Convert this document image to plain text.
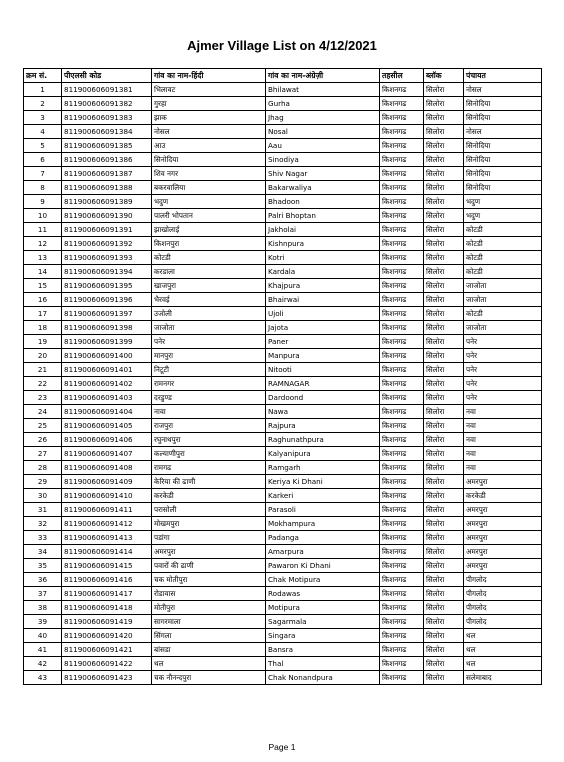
Ajmer Village List on 4/12/2021
क्रम सं.	पीएलसी कोड	गांव का नाम-हिंदी	गांव का नाम-अंग्रेज़ी	तहसील	ब्लॉक	पंचायत
1	811900606091381	भिलावट	Bhilawat	किशनगढ	सिलोरा	नोसल
2	811900606091382	गुरहा	Gurha	किशनगढ	सिलोरा	सिनोदिया
3	811900606091383	झाक	Jhag	किशनगढ	सिलोरा	सिनोदिया
4	811900606091384	नोसल	Nosal	किशनगढ	सिलोरा	नोसल
5	811900606091385	आउ	Aau	किशनगढ	सिलोरा	सिनोदिया
6	811900606091386	सिनोदिया	Sinodiya	किशनगढ	सिलोरा	सिनोदिया
7	811900606091387	शिव नगर	Shiv Nagar	किशनगढ	सिलोरा	सिनोदिया
8	811900606091388	बकरवालिया	Bakarwaliya	किशनगढ	सिलोरा	सिनोदिया
9	811900606091389	भदुण	Bhadoon	किशनगढ	सिलोरा	भदुण
10	811900606091390	पालरी भोपतान	Palri Bhoptan	किशनगढ	सिलोरा	भदुण
11	811900606091391	झाखोलाई	Jakholai	किशनगढ	सिलोरा	कोटडी
12	811900606091392	किशनपुरा	Kishnpura	किशनगढ	सिलोरा	कोटडी
13	811900606091393	कोटडी	Kotri	किशनगढ	सिलोरा	कोटडी
14	811900606091394	करडाला	Kardala	किशनगढ	सिलोरा	कोटडी
15	811900606091395	खाजपुरा	Khajpura	किशनगढ	सिलोरा	जाजोता
16	811900606091396	भैरवई	Bhairwai	किशनगढ	सिलोरा	जाजोता
17	811900606091397	उजोली	Ujoli	किशनगढ	सिलोरा	कोटडी
18	811900606091398	जाजोता	Jajota	किशनगढ	सिलोरा	जाजोता
19	811900606091399	पनेर	Paner	किशनगढ	सिलोरा	पनेर
20	811900606091400	मानपुरा	Manpura	किशनगढ	सिलोरा	पनेर
21	811900606091401	निटूटी	Nitooti	किशनगढ	सिलोरा	पनेर
22	811900606091402	रामनगर	RAMNAGAR	किशनगढ	सिलोरा	पनेर
23	811900606091403	दरडुण्ड	Dardoond	किशनगढ	सिलोरा	पनेर
24	811900606091404	नावा	Nawa	किशनगढ	सिलोरा	नवा
25	811900606091405	राजपुरा	Rajpura	किशनगढ	सिलोरा	नवा
26	811900606091406	रघुनाथपुरा	Raghunathpura	किशनगढ	सिलोरा	नवा
27	811900606091407	कल्याणीपुरा	Kalyanipura	किशनगढ	सिलोरा	नवा
28	811900606091408	रामगढ	Ramgarh	किशनगढ	सिलोरा	नवा
29	811900606091409	केरिया की ढाणी	Keriya Ki Dhani	किशनगढ	सिलोरा	अमरपुरा
30	811900606091410	करकेडी	Karkeri	किशनगढ	सिलोरा	करकेडी
31	811900606091411	परासोली	Parasoli	किशनगढ	सिलोरा	अमरपुरा
32	811900606091412	मोखमपुरा	Mokhampura	किशनगढ	सिलोरा	अमरपुरा
33	811900606091413	पडांगा	Padanga	किशनगढ	सिलोरा	अमरपुरा
34	811900606091414	अमरपुरा	Amarpura	किशनगढ	सिलोरा	अमरपुरा
35	811900606091415	पवारों की ढाणी	Pawaron Ki Dhani	किशनगढ	सिलोरा	अमरपुरा
36	811900606091416	चक मोतीपुरा	Chak Motipura	किशनगढ	सिलोरा	पीगलोद
37	811900606091417	रोडावास	Rodawas	किशनगढ	सिलोरा	पीगलोद
38	811900606091418	मोतीपुरा	Motipura	किशनगढ	सिलोरा	पीगलोद
39	811900606091419	सागरमाला	Sagarmala	किशनगढ	सिलोरा	पीगलोद
40	811900606091420	सिंगला	Singara	किशनगढ	सिलोरा	थल
41	811900606091421	बांसडा	Bansra	किशनगढ	सिलोरा	थल
42	811900606091422	थल	Thal	किशनगढ	सिलोरा	थल
43	811900606091423	चक नौनन्दपुरा	Chak Nonandpura	किशनगढ	सिलोरा	सलेमाबाद
Page 1
